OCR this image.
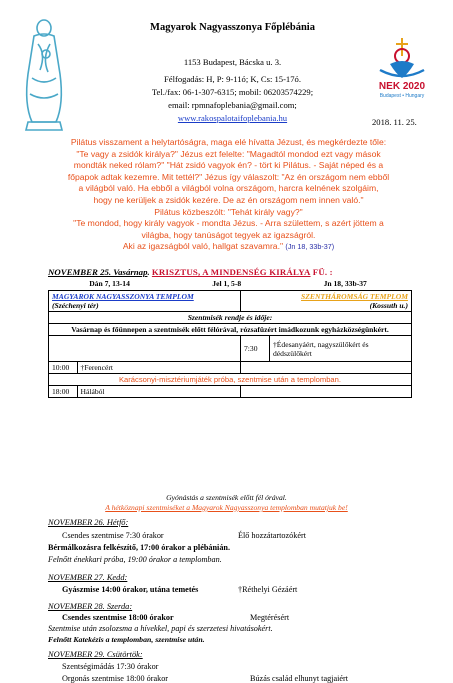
Magyarok Nagyasszonya Főplébánia
1153 Budapest, Bácska u. 3.
Félfogadás: H, P: 9-11ó; K, Cs: 15-17ó.
Tel./fax: 06-1-307-6315; mobil: 06203574229;
email: rpmnafoplebania@gmail.com;
www.rakospalotaifoplebania.hu
NEK 2020
Budapest • Hungary
2018. 11. 25.
Pilátus visszament a helytartóságra, maga elé hívatta Jézust, és megkérdezte tőle:
"Te vagy a zsidók királya?" Jézus ezt felelte: "Magadtól mondod ezt vagy mások
mondták neked rólam?" "Hát zsidó vagyok én? - tört ki Pilátus. - Saját néped és a
főpapok adtak kezemre. Mit tettél?" Jézus így válaszolt: "Az én országom nem ebből
a világból való. Ha ebből a világból volna országom, harcra kelnének szolgáim,
hogy ne kerüljek a zsidók kezére. De az én országom nem innen való."
Pilátus közbeszólt: "Tehát király vagy?"
"Te mondod, hogy király vagyok - mondta Jézus. - Arra születtem, s azért jöttem a
világba, hogy tanúságot tegyek az igazságról.
Aki az igazságból való, hallgat szavamra." (Jn 18, 33b-37)
NOVEMBER 25. Vasárnap. KRISZTUS, A MINDENSÉG KIRÁLYA FÜ. :
Dán 7, 13-14	Jel 1, 5-8	Jn 18, 33b-37
MAGYAROK NAGYASSZONYA TEMPLOM
(Széchenyi tér)		SZENTHÁROMSÁG TEMPLOM
(Kossuth u.)	
Szentmisék rendje és idője:			
Vasárnap és főünnepen a szentmisék előtt félórával, rózsafüzért imádkozunk egyházközségünkért.			
		7:30	†Édesanyáért, nagyszülőkért és dédszülőkért
10:00	†Ferencért		
Karácsonyi-misztériumjáték próba, szentmise után a templomban.			
18:00	Hálából		
Gyónástás a szentmisék előtt fél órával.
A hétköznapi szentmiséket a Magyarok Nagyasszonya templomban mutatjuk be!
NOVEMBER 26. Hétfő:
Csendes szentmise 7:30 órakor	Élő hozzátartozókért
Bérmálkozásra felkészítő, 17:00 órakor a plébánián.
Felnőtt énekkari próba, 19:00 órakor a templomban.
NOVEMBER 27. Kedd:
Gyászmise 14:00 órakor, utána temetés	†Réthelyi Gézáért
NOVEMBER 28. Szerda:
Csendes szentmise 18:00 órakor	Megtérésért
Szentmise után zsolozsma a hívekkel, papi és szerzetesi hivatásokért.
Felnőtt Katekézis a templomban, szentmise után.
NOVEMBER 29. Csütörtök:
Szentségimádás 17:30 órakor
Orgonás szentmise 18:00 órakor	Búzás család elhunyt tagjaiért
